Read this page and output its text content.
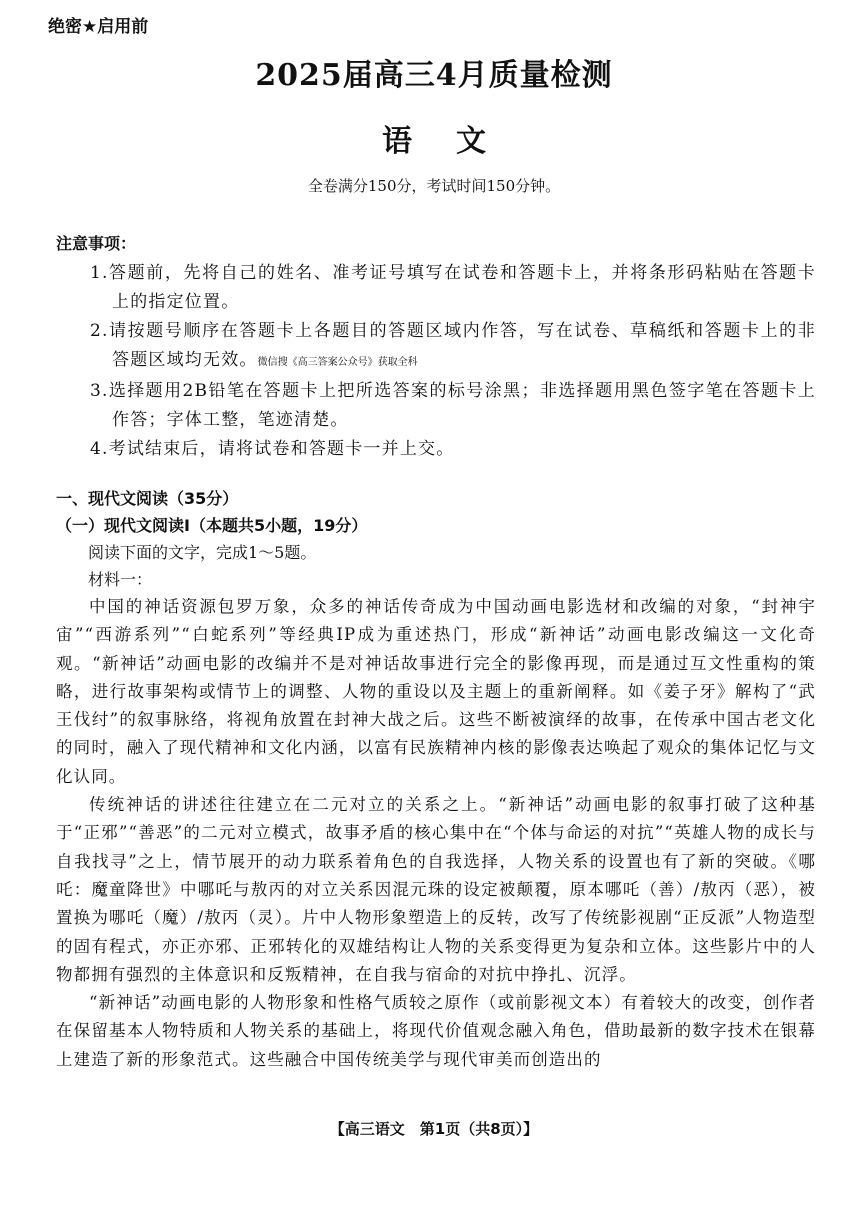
绝密★启用前
2025届高三4月质量检测
语文
全卷满分150分，考试时间150分钟。
注意事项：
1.答题前，先将自己的姓名、准考证号填写在试卷和答题卡上，并将条形码粘贴在答题卡上的指定位置。
2.请按题号顺序在答题卡上各题目的答题区域内作答，写在试卷、草稿纸和答题卡上的非答题区域均无效。微信搜《高三答案公众号》获取全科
3.选择题用2B铅笔在答题卡上把所选答案的标号涂黑；非选择题用黑色签字笔在答题卡上作答；字体工整，笔迹清楚。
4.考试结束后，请将试卷和答题卡一并上交。
一、现代文阅读（35分）
（一）现代文阅读Ⅰ（本题共5小题，19分）
阅读下面的文字，完成1～5题。
材料一：

中国的神话资源包罗万象，众多的神话传奇成为中国动画电影选材和改编的对象，“封神宇宙”“西游系列”“白蛇系列”等经典IP成为重述热门，形成“新神话”动画电影改编这一文化奇观。“新神话”动画电影的改编并不是对神话故事进行完全的影像再现，而是通过互文性重构的策略，进行故事架构或情节上的调整、人物的重设以及主题上的重新阐释。如《姜子牙》解构了“武王伐纣”的叙事脉络，将视角放置在封神大战之后。这些不断被演绎的故事，在传承中国古老文化的同时，融入了现代精神和文化内涵，以富有民族精神内核的影像表达唤起了观众的集体记忆与文化认同。

传统神话的讲述往往建立在二元对立的关系之上。“新神话”动画电影的叙事打破了这种基于“正邪”“善恶”的二元对立模式，故事矛盾的核心集中在“个体与命运的对抗”“英雄人物的成长与自我找寻”之上，情节展开的动力联系着角色的自我选择，人物关系的设置也有了新的突破。《哪吒：魔童降世》中哪吒与敖丙的对立关系因混元珠的设定被颠覆，原本哪吒（善）/敖丙（恶），被置换为哪吒（魔）/敖丙（灵）。片中人物形象塑造上的反转，改写了传统影视剧“正反派”人物造型的固有程式，亦正亦邪、正邪转化的双雄结构让人物的关系变得更为复杂和立体。这些影片中的人物都拥有强烈的主体意识和反叛精神，在自我与宿命的对抗中挣扎、沉浮。

“新神话”动画电影的人物形象和性格气质较之原作（或前影视文本）有着较大的改变，创作者在保留基本人物特质和人物关系的基础上，将现代价值观念融入角色，借助最新的数字技术在银幕上建造了新的形象范式。这些融合中国传统美学与现代审美而创造出的

【高三语文　第1页（共8页）】
